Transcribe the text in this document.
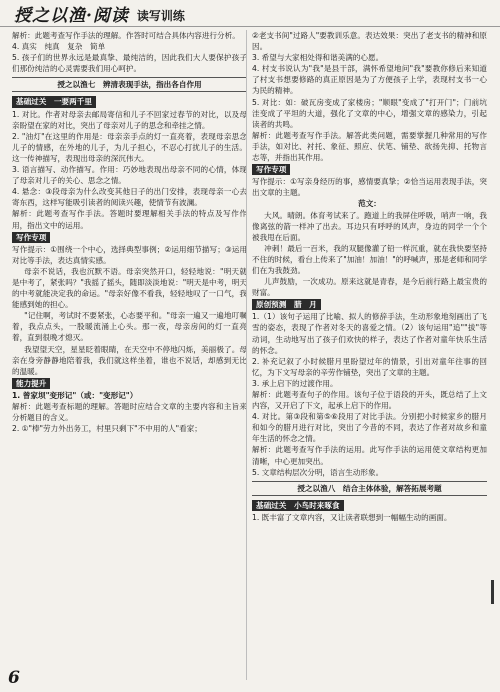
授之以渔·阅读 读写训练

解析：此题考查写作手法的理解。作答时可结合具体内容进行分析。

4. 真实　纯真　复杂　简单

5. 孩子们的世界永远是最真挚、最纯洁的，因此我们大人要保护孩子们那份纯洁的心灵需要我们用心呵护。

授之以渔七　辨清表现手法，指出各自作用
基础过关　一要两千里

1. 对比。作者对母亲去邮局寄信和儿子不回家过春节的对比，以及母亲盼望在家的对比，突出了母亲对儿子的思念和牵挂之情。

2. "油灯"在这里的作用是：母亲亲手点的灯一直亮着，表现母亲思念儿子的情感，在外地的儿子，为儿子担心，不忍心打扰儿子的生活。这一传神描写，表现出母亲的深沉伟大。

3. 语言描写、动作描写。作用：巧妙地表现出母亲不同的心情，体现了母亲对儿子的关心、思念之情。

4. 悬念：③段母亲为什么改变其他日子的出门安排，表现母亲一心去寄东西，这样写能吸引读者的阅读兴趣，使情节有波澜。

解析：此题考查写作手法。答题时要理解相关手法的特点及写作作用，指出文中的运用。

写作专项

写作提示：①围绕一个中心，选择典型事例；②运用细节描写；③运用对比等手法，表达真情实感。

母亲不说话，我也沉默不语。母亲突然开口，轻轻地说："明天就是中考了，紧张吗？"我摇了摇头，随即淡淡地说："明天是中考，明天的中考就能决定我的命运。"母亲好像不看我，轻轻地叹了一口气，我能感到她的担心。

"记住啊，考试时不要紧张，心态要平和。"母亲一遍又一遍地叮嘱着，我点点头，一股暖流涌上心头。那一夜，母亲房间的灯一直亮着，直到很晚才熄灭。

我望望天空，星星眨着眼睛，在天空中不停地闪烁，美丽极了。母亲在身旁静静地陪着我，我们就这样坐着，谁也不说话，却感到无比的温暖。

能力提升

1. 曾家坝"变形记"（或："变形记"）

解析：此题考查标题的理解。答题时应结合文章的主要内容和主旨来分析题目的含义。

2. ①"棒"劳力外出务工，村里只剩下"不中用的人"看家；

②老支书间"过路人"要教训乐意。表达效果：突出了老支书的精神和原因。

3. 希望与大家相处得和谐美满的心愿。

4. 村支书说认为"我"是县干部，满怀希望地问"我"要教你修后来知道了村支书想要修路的真正原因是为了方便孩子上学，表现村支书一心为民的精神。

5. 对比：如：破瓦房变成了家楼房；"顺眼"变成了"打开门"；门前坑洼变成了平坦的大道，强化了文章的中心，增强文章的感染力，引起读者的共鸣。

解析：此题考查写作手法。解答此类问题，需要掌握几种常用的写作手法，如对比、衬托、象征、照应、伏笔、铺垫、欲扬先抑、托物言志等，并指出其作用。

写作专项

写作提示：①写亲身经历的事，感情要真挚；②恰当运用表现手法，突出文章的主题。

范文：

大风。晴朗。体育考试来了。跑道上的我屏住呼吸，哨声一响，我像离弦的箭一样冲了出去。耳边只有呼呼的风声，身边的同学一个个被我甩在后面。

冲刺！最后一百米，我的双腿像灌了铅一样沉重，就在我快要坚持不住的时候，看台上传来了"加油！加油！"的呼喊声，那是老师和同学们在为我鼓劲。

儿声鼓励，一次成功。原来这就是青春，是今后前行路上最宝贵的财富。

原创预测　腊　月

1.（1）该句子运用了比喻、拟人的修辞手法，生动形象地刻画出了飞雪的姿态，表现了作者对冬天的喜爱之情。（2）该句运用"追""拔"等动词，生动地写出了孩子们欢快的样子，表达了作者对童年快乐生活的怀念。

2. 补充记叙了小时候腊月里盼望过年的情景，引出对童年往事的回忆，为下文写母亲的辛劳作铺垫，突出了文章的主题。

3. 承上启下的过渡作用。

解析：此题考查句子的作用。该句子位于语段的开头，既总结了上文内容，又开启了下文，起承上启下的作用。

4. 对比。第③段和第⑤⑥段用了对比手法。分别把小时候家乡的腊月和如今的腊月进行对比，突出了今昔的不同，表达了作者对故乡和童年生活的怀念之情。

解析：此题考查写作手法的运用。此写作手法的运用使文章结构更加清晰，中心更加突出。

5. 文章结构层次分明，语言生动形象。

授之以渔八　结合主体体验，解答拓展考题
基础过关　小鸟时来啄食

1. 既丰富了文章内容，又让读者联想到一幅幅生动的画面。

6
